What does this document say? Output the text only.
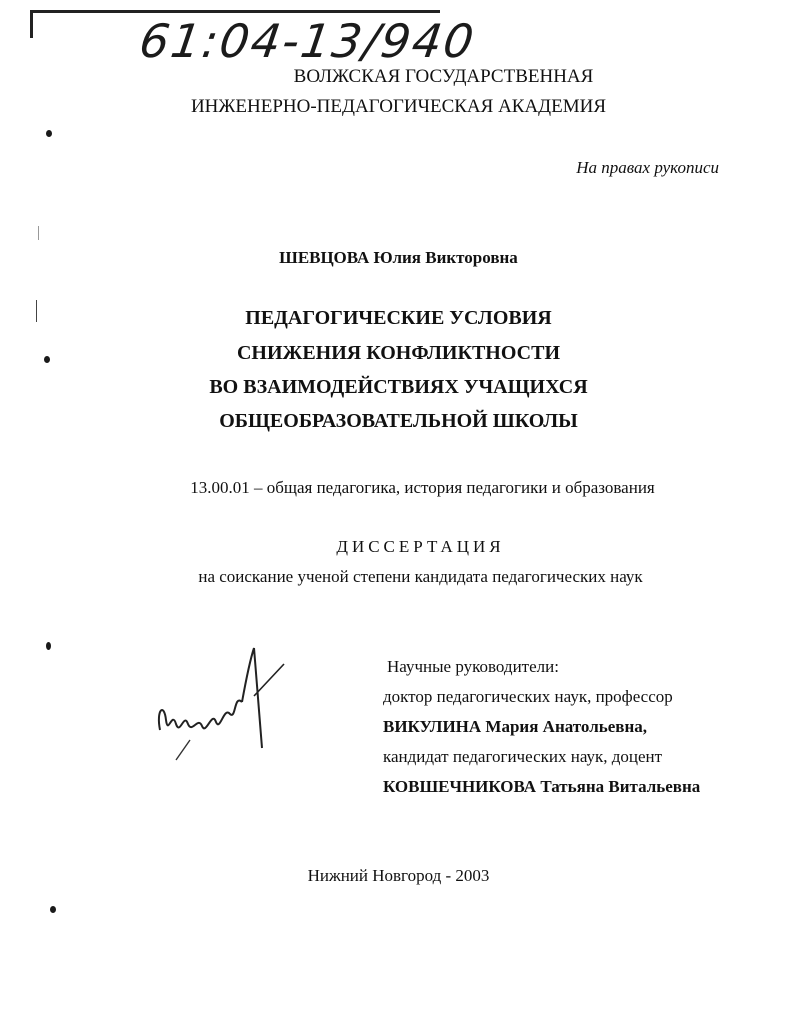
61:04-13/940
ВОЛЖСКАЯ ГОСУДАРСТВЕННАЯ
ИНЖЕНЕРНО-ПЕДАГОГИЧЕСКАЯ АКАДЕМИЯ
На правах рукописи
ШЕВЦОВА Юлия Викторовна
ПЕДАГОГИЧЕСКИЕ УСЛОВИЯ
СНИЖЕНИЯ КОНФЛИКТНОСТИ
ВО ВЗАИМОДЕЙСТВИЯХ УЧАЩИХСЯ
ОБЩЕОБРАЗОВАТЕЛЬНОЙ ШКОЛЫ
13.00.01 – общая педагогика, история педагогики и образования
ДИССЕРТАЦИЯ
на соискание ученой степени кандидата педагогических наук
Научные руководители:
доктор педагогических наук, профессор
ВИКУЛИНА Мария Анатольевна,
кандидат педагогических наук, доцент
КОВШЕЧНИКОВА Татьяна Витальевна
Нижний Новгород - 2003
